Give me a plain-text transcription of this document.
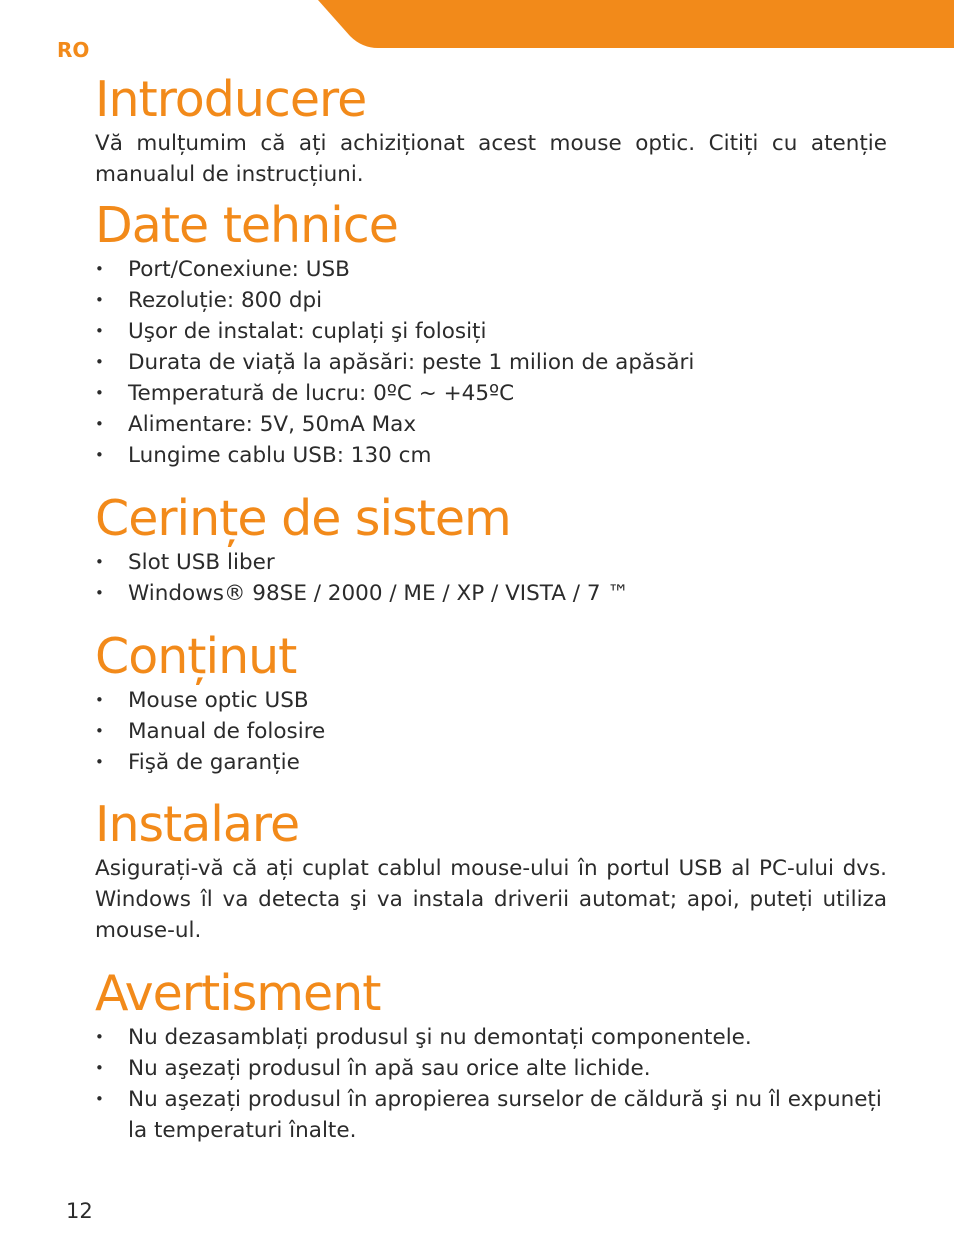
RO
Introducere

Vă mulțumim că ați achiziționat acest mouse optic. Citiți cu atenție manualul de instrucțiuni.

Date tehnice
• Port/Conexiune: USB
• Rezoluție: 800 dpi
• Uşor de instalat: cuplați şi folosiți
• Durata de viață la apăsări: peste 1 milion de apăsări
• Temperatură de lucru: 0ºC ~ +45ºC
• Alimentare: 5V, 50mA Max
• Lungime cablu USB: 130 cm
Cerințe de sistem
• Slot USB liber
• Windows® 98SE / 2000 / ME / XP / VISTA / 7 ™
Conținut
• Mouse optic USB
• Manual de folosire
• Fişă de garanție
Instalare

Asigurați-vă că ați cuplat cablul mouse-ului în portul USB al PC-ului dvs. Windows îl va detecta şi va instala driverii automat; apoi, puteți utiliza mouse-ul.

Avertisment
• Nu dezasamblați produsul şi nu demontați componentele.
• Nu aşezați produsul în apă sau orice alte lichide.
• Nu aşezați produsul în apropierea surselor de căldură şi nu îl expuneți la temperaturi înalte.
12
